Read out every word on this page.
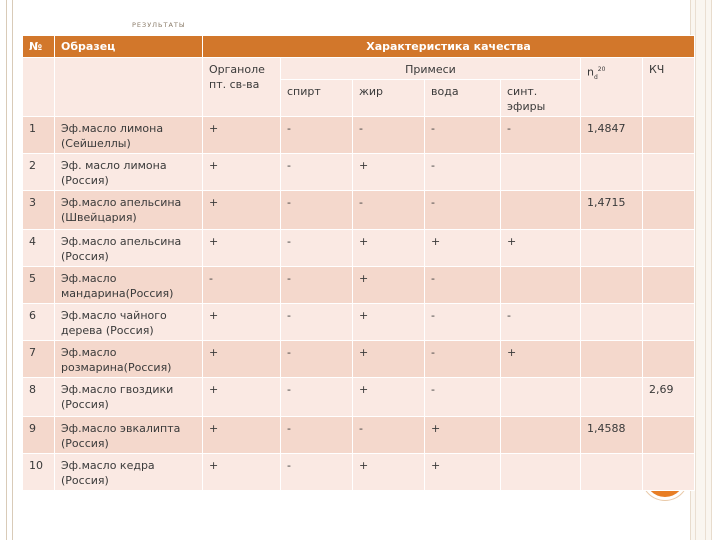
РЕЗУЛЬТАТЫ
№	Образец	Характеристика качества						
		Органоле пт. св-ва	Примеси				$n_d^{20}$	КЧ
			спирт	жир	вода	синт. эфиры		
1	Эф.масло лимона (Сейшеллы)	+	-	-	-	-	1,4847	
2	Эф. масло лимона (Россия)	+	-	+	-			
3	Эф.масло апельсина (Швейцария)	+	-	-	-		1,4715	
4	Эф.масло апельсина (Россия)	+	-	+	+	+		
5	Эф.масло мандарина(Россия)	-	-	+	-			
6	Эф.масло чайного дерева (Россия)	+	-	+	-	-		
7	Эф.масло розмарина(Россия)	+	-	+	-	+		
8	Эф.масло гвоздики (Россия)	+	-	+	-			2,69
9	Эф.масло эвкалипта (Россия)	+	-	-	+		1,4588	
10	Эф.масло кедра (Россия)	+	-	+	+			
